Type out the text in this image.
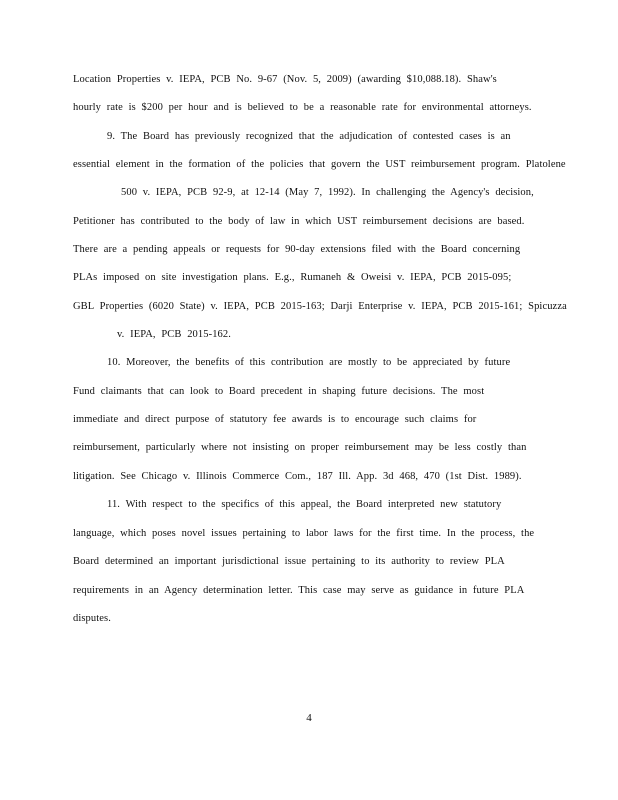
Location Properties v. IEPA, PCB No. 9-67 (Nov. 5, 2009) (awarding $10,088.18). Shaw's
hourly rate is $200 per hour and is believed to be a reasonable rate for environmental attorneys.
9. The Board has previously recognized that the adjudication of contested cases is an
essential element in the formation of the policies that govern the UST reimbursement program. Platolene
500 v. IEPA, PCB 92-9, at 12-14 (May 7, 1992). In challenging the Agency's decision,
Petitioner has contributed to the body of law in which UST reimbursement decisions are based.
There are a pending appeals or requests for 90-day extensions filed with the Board concerning
PLAs imposed on site investigation plans. E.g., Rumaneh & Oweisi v. IEPA, PCB 2015-095;
GBL Properties (6020 State) v. IEPA, PCB 2015-163; Darji Enterprise v. IEPA, PCB 2015-161; Spicuzza
v. IEPA, PCB 2015-162.
10. Moreover, the benefits of this contribution are mostly to be appreciated by future
Fund claimants that can look to Board precedent in shaping future decisions. The most
immediate and direct purpose of statutory fee awards is to encourage such claims for
reimbursement, particularly where not insisting on proper reimbursement may be less costly than
litigation. See Chicago v. Illinois Commerce Com., 187 Ill. App. 3d 468, 470 (1st Dist. 1989).
11. With respect to the specifics of this appeal, the Board interpreted new statutory
language, which poses novel issues pertaining to labor laws for the first time. In the process, the
Board determined an important jurisdictional issue pertaining to its authority to review PLA
requirements in an Agency determination letter. This case may serve as guidance in future PLA
disputes.
4
